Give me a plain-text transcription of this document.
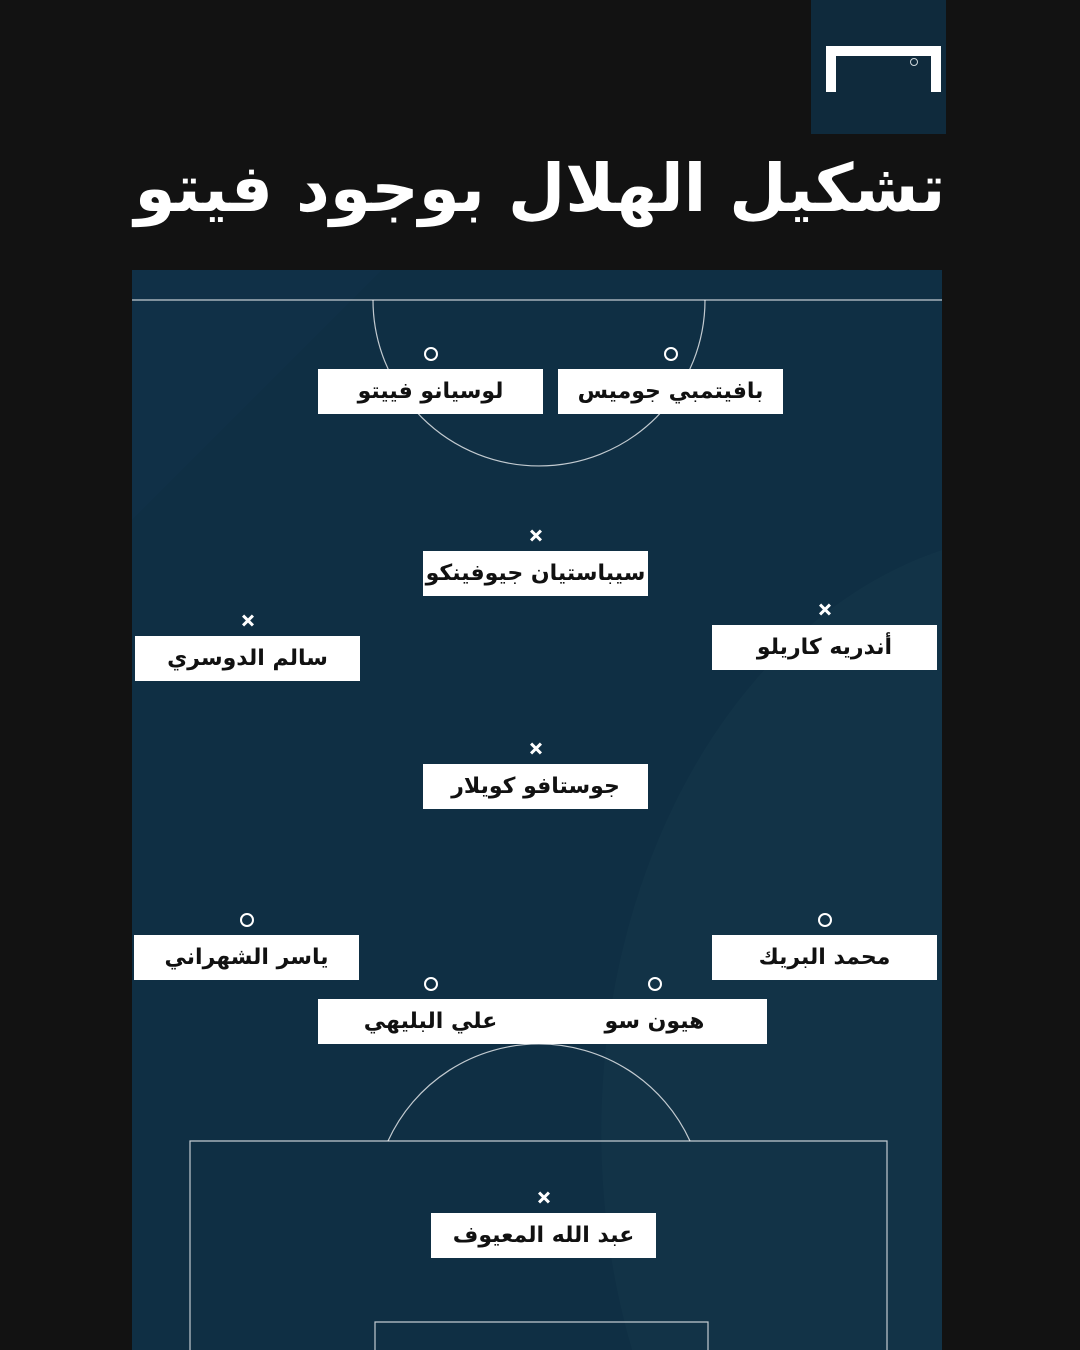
تشكيل الهلال بوجود فيتو
بافيتمبي جوميس
لوسيانو فييتو
سيباستيان جيوفينكو
سالم الدوسري	أندريه كاريلو
جوستافو كويلار
ياسر الشهراني	محمد البريك
علي البليهي	هيون سو
عبد الله المعيوف
